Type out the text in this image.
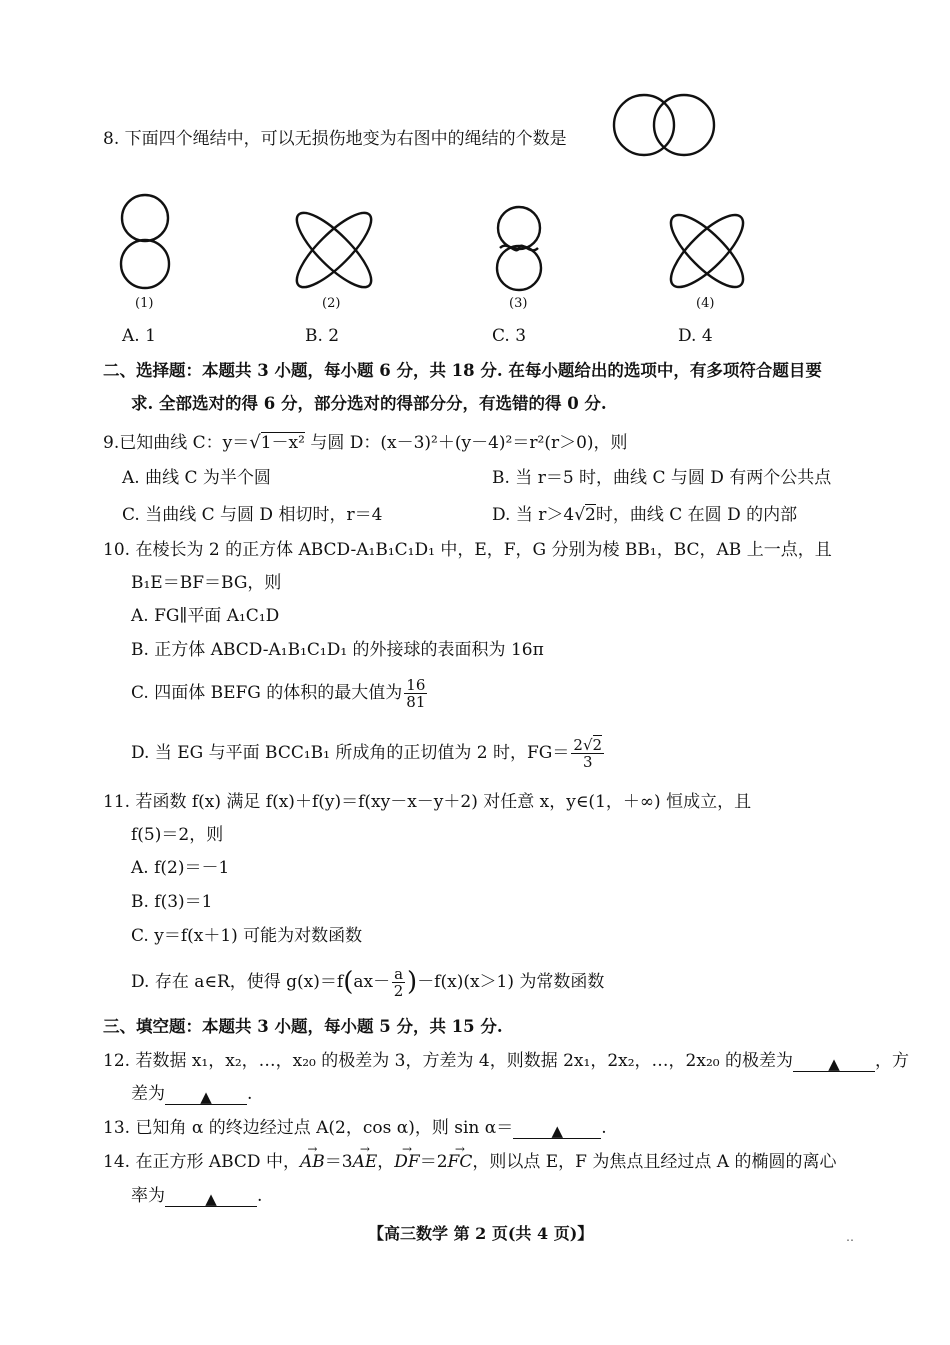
8. 下面四个绳结中，可以无损伤地变为右图中的绳结的个数是
(1)	(2)	(3)	(4)
A. 1	B. 2	C. 3	D. 4
二、选择题：本题共 3 小题，每小题 6 分，共 18 分. 在每小题给出的选项中，有多项符合题目要
求. 全部选对的得 6 分，部分选对的得部分分，有选错的得 0 分.
9.已知曲线 C：y＝√1－x² 与圆 D：(x－3)²＋(y－4)²＝r²(r＞0)，则
A. 曲线 C 为半个圆	B. 当 r＝5 时，曲线 C 与圆 D 有两个公共点
C. 当曲线 C 与圆 D 相切时，r＝4	D. 当 r＞4√2时，曲线 C 在圆 D 的内部
10. 在棱长为 2 的正方体 ABCD-A₁B₁C₁D₁ 中，E，F，G 分别为棱 BB₁，BC，AB 上一点，且
B₁E＝BF＝BG，则
A. FG∥平面 A₁C₁D
B. 正方体 ABCD-A₁B₁C₁D₁ 的外接球的表面积为 16π
C. 四面体 BEFG 的体积的最大值为 $\frac{16}{81}$
D. 当 EG 与平面 BCC₁B₁ 所成角的正切值为 2 时，$FG= \frac{2√2}{3}$
11. 若函数 f(x) 满足 f(x)＋f(y)＝f(xy－x－y＋2) 对任意 x，y∈(1，＋∞) 恒成立，且
f(5)＝2，则
A. f(2)＝－1
B. f(3)＝1
C. y＝f(x＋1) 可能为对数函数
D. 存在 a∈R，使得 $g(x)=f(ax- \frac{a}{2} )-f(x)(x>1)$ 为常数函数
三、填空题：本题共 3 小题，每小题 5 分，共 15 分.
12. 若数据 x₁，x₂，…，x₂₀ 的极差为 3，方差为 4，则数据 2x₁，2x₂，…，2x₂₀ 的极差为 ▲ ，方
差为 ▲ .
13. 已知角 α 的终边经过点 A(2，cos α)，则 sin α＝	▲ .
14. 在正方形 ABCD 中，→ AB＝3→ AE，→ DF＝2→ FC，则以点 E，F 为焦点且经过点 A 的椭圆的离心
率为	▲ .
【高三数学 第 2 页(共 4 页)】	‥
